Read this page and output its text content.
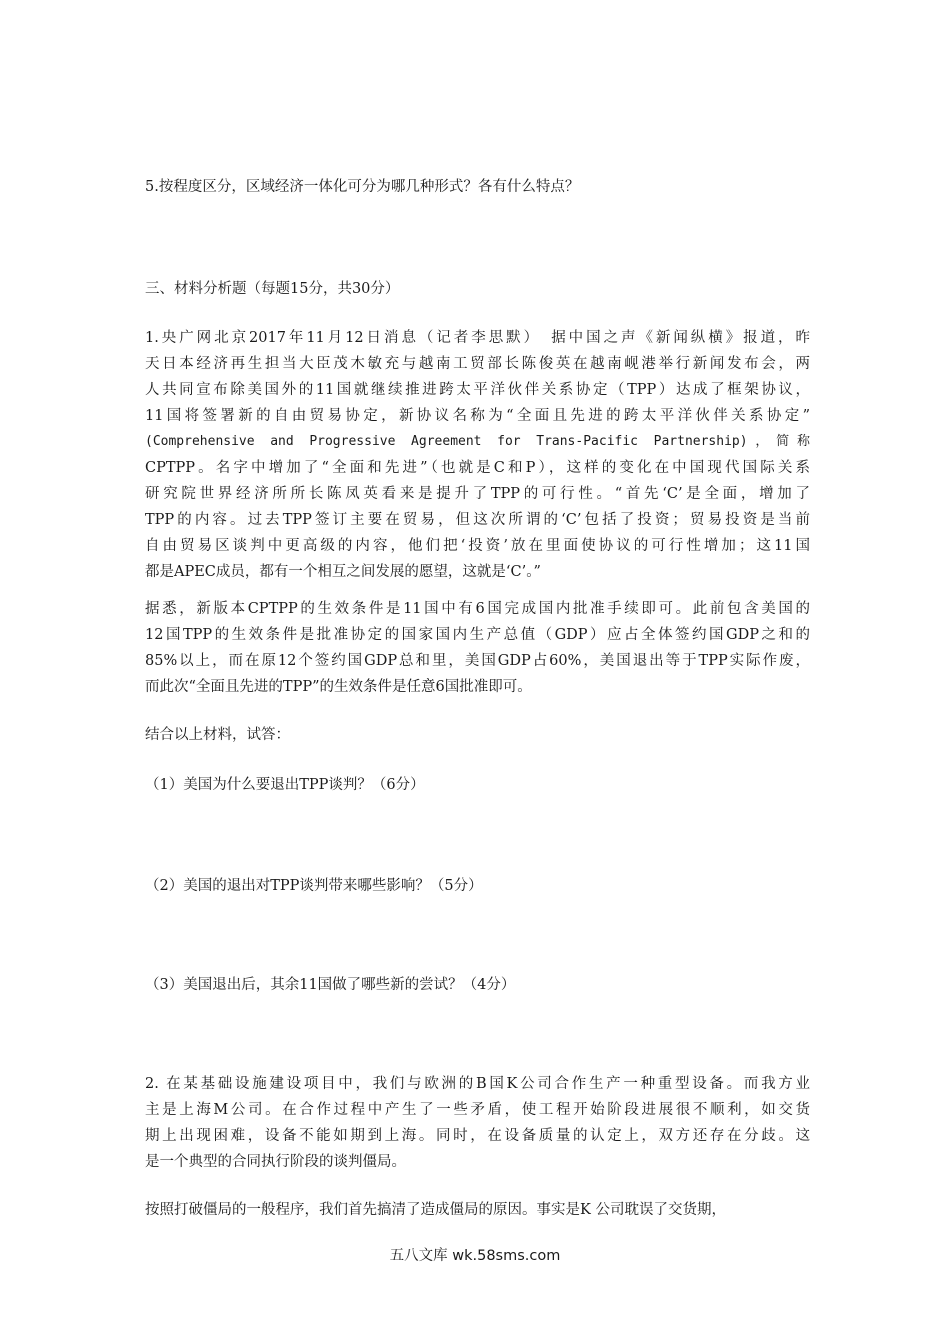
5.按程度区分，区域经济一体化可分为哪几种形式？各有什么特点？

三、材料分析题（每题15分，共30分）

1.央广网北京2017年11月12日消息（记者李思默）　据中国之声《新闻纵横》报道，昨
天日本经济再生担当大臣茂木敏充与越南工贸部长陈俊英在越南岘港举行新闻发布会，两
人共同宣布除美国外的11国就继续推进跨太平洋伙伴关系协定（TPP）达成了框架协议，
11国将签署新的自由贸易协定，新协议名称为“全面且先进的跨太平洋伙伴关系协定”
(Comprehensive and Progressive Agreement for Trans-Pacific Partnership)，简称
CPTPP。名字中增加了“全面和先进”（也就是C和P），这样的变化在中国现代国际关系
研究院世界经济所所长陈凤英看来是提升了TPP的可行性。“首先‘C’是全面，增加了
TPP的内容。过去TPP签订主要在贸易，但这次所谓的‘C’包括了投资；贸易投资是当前
自由贸易区谈判中更高级的内容，他们把‘投资’放在里面使协议的可行性增加；这11国
都是APEC成员，都有一个相互之间发展的愿望，这就是‘C’。”
据悉，新版本CPTPP的生效条件是11国中有6国完成国内批准手续即可。此前包含美国的
12国TPP的生效条件是批准协定的国家国内生产总值（GDP）应占全体签约国GDP之和的
85%以上，而在原12个签约国GDP总和里，美国GDP占60%，美国退出等于TPP实际作废，
而此次“全面且先进的TPP”的生效条件是任意6国批准即可。

结合以上材料，试答：

（1）美国为什么要退出TPP谈判？（6分）

（2）美国的退出对TPP谈判带来哪些影响？（5分）

（3）美国退出后，其余11国做了哪些新的尝试？（4分）

2. 在某基础设施建设项目中，我们与欧洲的B国K公司合作生产一种重型设备。而我方业
主是上海M公司。在合作过程中产生了一些矛盾，使工程开始阶段进展很不顺利，如交货
期上出现困难，设备不能如期到上海。同时，在设备质量的认定上，双方还存在分歧。这
是一个典型的合同执行阶段的谈判僵局。
按照打破僵局的一般程序，我们首先搞清了造成僵局的原因。事实是K 公司耽误了交货期，
五八文库 wk.58sms.com
